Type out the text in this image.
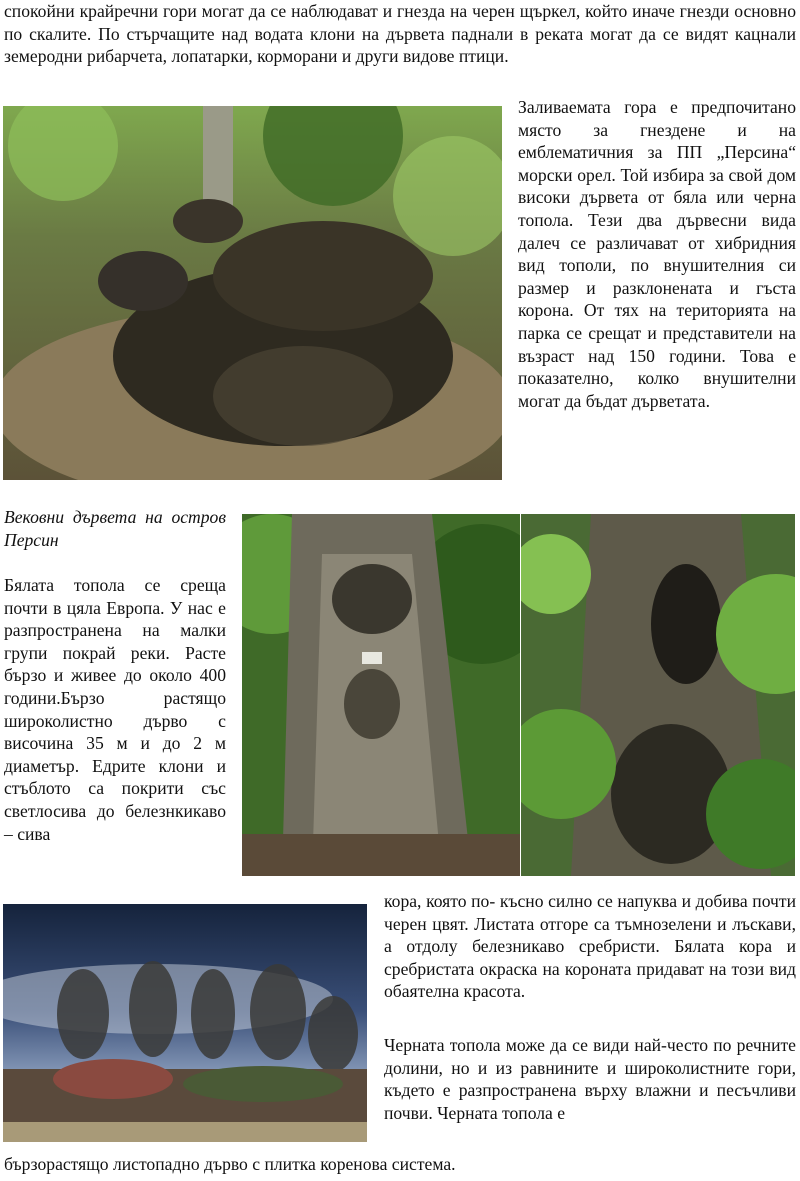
спокойни крайречни гори могат да се наблюдават и гнезда на черен щъркел, който иначе гнезди основно по скалите. По стърчащите над водата клони на дървета паднали в реката могат да се видят кацнали земеродни рибарчета, лопатарки, корморани и други видове птици.

Заливаемата гора е предпочитано място за гнездене и на емблематичния за ПП „Персина“ морски орел. Той избира за свой дом високи дървета от бяла или черна топола. Тези два дървесни вида далеч се различават от хибридния вид тополи, по внушителния си размер и разклонената и гъста корона. От тях на територията на парка се срещат и представители на възраст над 150 години. Това е показателно, колко внушителни могат да бъдат дърветата.

Вековни дървета на остров Персин

Бялата топола се среща почти в цяла Европа. У нас е разпространена на малки групи покрай реки. Расте бързо и живее до около 400 години.Бързо растящо широколистно дърво с височина 35 м и до 2 м диаметър. Едрите клони и стъблото са покрити със светлосива до белезнкикаво – сива

кора, която по- късно силно се напуква и добива почти черен цвят. Листата отгоре са тъмнозелени и лъскави, а отдолу белезникаво сребристи. Бялата кора и сребристата окраска на короната придават на този вид обаятелна красота.

Черната топола може да се види най-често по речните долини, но и из равнините и широколистните гори, където е разпространена върху влажни и песъчливи почви. Черната топола е

бързорастящо листопадно дърво с плитка коренова система.
